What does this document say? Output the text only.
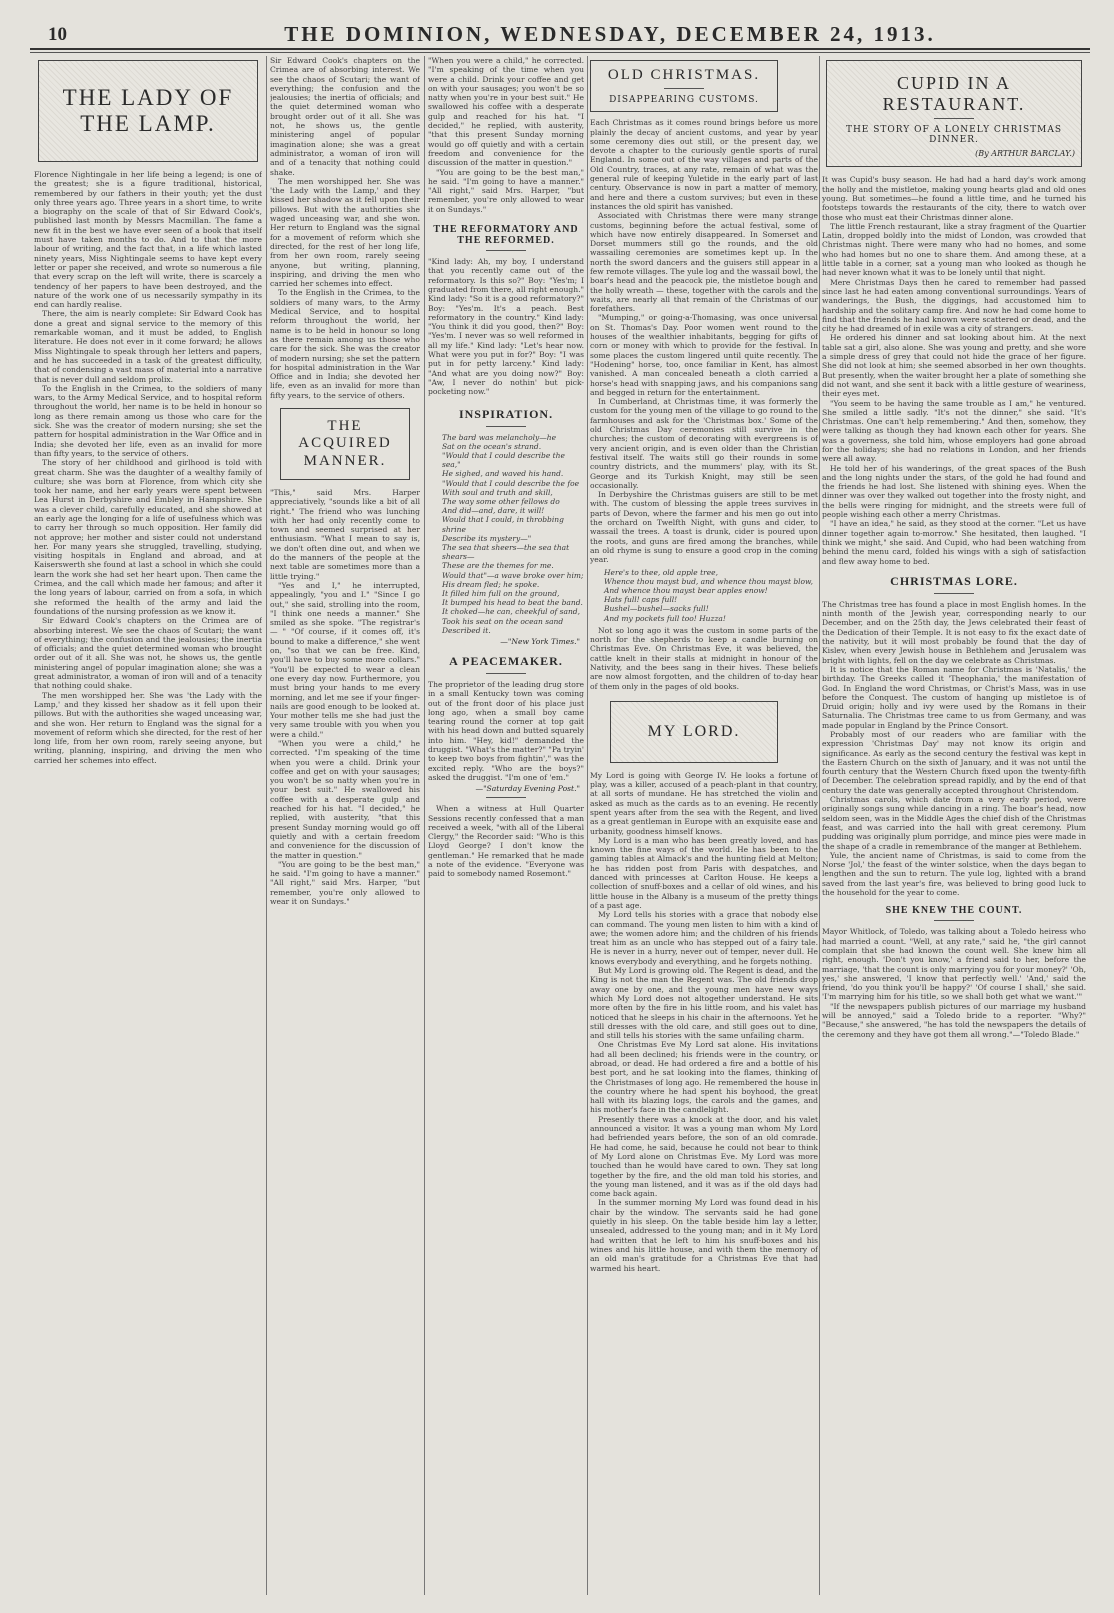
10	THE DOMINION, WEDNESDAY, DECEMBER 24, 1913.
THE LADY OF THE LAMP.

Florence Nightingale in her life being a legend; is one of the greatest; she is a figure traditional, historical, remembered by our fathers in their youth; yet the dust only three years ago. Three years in a short time, to write a biography on the scale of that of Sir Edward Cook's, published last month by Messrs Macmillan. The fame a new fit in the best we have ever seen of a book that itself must have taken months to do. And to that the more labour of writing, and the fact that, in a life which lasted ninety years, Miss Nightingale seems to have kept every letter or paper she received, and wrote so numerous a file that every scrap on the left will write, there is scarcely a tendency of her papers to have been destroyed, and the nature of the work one of us necessarily sympathy in its end can hardly realise.

There, the aim is nearly complete: Sir Edward Cook has done a great and signal service to the memory of this remarkable woman, and it must be added, to English literature. He does not ever in it come forward; he allows Miss Nightingale to speak through her letters and papers, and he has succeeded in a task of the greatest difficulty, that of condensing a vast mass of material into a narrative that is never dull and seldom prolix.

To the English in the Crimea, to the soldiers of many wars, to the Army Medical Service, and to hospital reform throughout the world, her name is to be held in honour so long as there remain among us those who care for the sick. She was the creator of modern nursing; she set the pattern for hospital administration in the War Office and in India; she devoted her life, even as an invalid for more than fifty years, to the service of others.

The story of her childhood and girlhood is told with great charm. She was the daughter of a wealthy family of culture; she was born at Florence, from which city she took her name, and her early years were spent between Lea Hurst in Derbyshire and Embley in Hampshire. She was a clever child, carefully educated, and she showed at an early age the longing for a life of usefulness which was to carry her through so much opposition. Her family did not approve; her mother and sister could not understand her. For many years she struggled, travelling, studying, visiting hospitals in England and abroad, and at Kaiserswerth she found at last a school in which she could learn the work she had set her heart upon. Then came the Crimea, and the call which made her famous; and after it the long years of labour, carried on from a sofa, in which she reformed the health of the army and laid the foundations of the nursing profession as we know it.

Sir Edward Cook's chapters on the Crimea are of absorbing interest. We see the chaos of Scutari; the want of everything; the confusion and the jealousies; the inertia of officials; and the quiet determined woman who brought order out of it all. She was not, he shows us, the gentle ministering angel of popular imagination alone; she was a great administrator, a woman of iron will and of a tenacity that nothing could shake.

The men worshipped her. She was 'the Lady with the Lamp,' and they kissed her shadow as it fell upon their pillows. But with the authorities she waged unceasing war, and she won. Her return to England was the signal for a movement of reform which she directed, for the rest of her long life, from her own room, rarely seeing anyone, but writing, planning, inspiring, and driving the men who carried her schemes into effect.

Sir Edward Cook's chapters on the Crimea are of absorbing interest. We see the chaos of Scutari; the want of everything; the confusion and the jealousies; the inertia of officials; and the quiet determined woman who brought order out of it all. She was not, he shows us, the gentle ministering angel of popular imagination alone; she was a great administrator, a woman of iron will and of a tenacity that nothing could shake.

The men worshipped her. She was 'the Lady with the Lamp,' and they kissed her shadow as it fell upon their pillows. But with the authorities she waged unceasing war, and she won. Her return to England was the signal for a movement of reform which she directed, for the rest of her long life, from her own room, rarely seeing anyone, but writing, planning, inspiring, and driving the men who carried her schemes into effect.

To the English in the Crimea, to the soldiers of many wars, to the Army Medical Service, and to hospital reform throughout the world, her name is to be held in honour so long as there remain among us those who care for the sick. She was the creator of modern nursing; she set the pattern for hospital administration in the War Office and in India; she devoted her life, even as an invalid for more than fifty years, to the service of others.

THE ACQUIRED MANNER.

"This," said Mrs. Harper appreciatively, "sounds like a bit of all right." The friend who was lunching with her had only recently come to town and seemed surprised at her enthusiasm. "What I mean to say is, we don't often dine out, and when we do the manners of the people at the next table are sometimes more than a little trying."

"Yes and I," he interrupted, appealingly, "you and I." "Since I go out," she said, strolling into the room, "I think one needs a manner." She smiled as she spoke. "The registrar's — " "Of course, if it comes off, it's bound to make a difference," she went on, "so that we can be free. Kind, you'll have to buy some more collars." "You'll be expected to wear a clean one every day now. Furthermore, you must bring your hands to me every morning, and let me see if your finger-nails are good enough to be looked at. Your mother tells me she had just the very same trouble with you when you were a child."

"When you were a child," he corrected. "I'm speaking of the time when you were a child. Drink your coffee and get on with your sausages; you won't be so natty when you're in your best suit." He swallowed his coffee with a desperate gulp and reached for his hat. "I decided," he replied, with austerity, "that this present Sunday morning would go off quietly and with a certain freedom and convenience for the discussion of the matter in question."

"You are going to be the best man," he said. "I'm going to have a manner." "All right," said Mrs. Harper, "but remember, you're only allowed to wear it on Sundays."

"When you were a child," he corrected. "I'm speaking of the time when you were a child. Drink your coffee and get on with your sausages; you won't be so natty when you're in your best suit." He swallowed his coffee with a desperate gulp and reached for his hat. "I decided," he replied, with austerity, "that this present Sunday morning would go off quietly and with a certain freedom and convenience for the discussion of the matter in question."

"You are going to be the best man," he said. "I'm going to have a manner." "All right," said Mrs. Harper, "but remember, you're only allowed to wear it on Sundays."

THE REFORMATORY AND THE REFORMED.

"Kind lady: Ah, my boy, I understand that you recently came out of the reformatory. Is this so?" Boy: "Yes'm; I graduated from there, all right enough." Kind lady: "So it is a good reformatory?" Boy: "Yes'm. It's a peach. Best reformatory in the country." Kind lady: "You think it did you good, then?" Boy: "Yes'm. I never was so well reformed in all my life." Kind lady: "Let's hear now. What were you put in for?" Boy: "I was put in for petty larceny." Kind lady: "And what are you doing now?" Boy: "Aw, I never do nothin' but pick-pocketing now."

INSPIRATION.
The bard was melancholy—he
Sat on the ocean's strand.
"Would that I could describe the sea,"
He sighed, and waved his hand.
"Would that I could describe the foe
With soul and truth and skill,
The way some other fellows do
And did—and, dare, it will!
Would that I could, in throbbing
shrine
Describe its mystery—"
The sea that sheers—the sea that shears—
These are the themes for me.
Would that"—a wave broke over him;
His dream fled; he spoke.
It filled him full on the ground,
It bumped his head to beat the band.
It choked—he can, cheekful of sand,
Took his seat on the ocean sand
Described it.
—"New York Times."
A PEACEMAKER.

The proprietor of the leading drug store in a small Kentucky town was coming out of the front door of his place just long ago, when a small boy came tearing round the corner at top gait with his head down and butted squarely into him. "Hey, kid!" demanded the druggist. "What's the matter?" "Pa tryin' to keep two boys from fightin'," was the excited reply. "Who are the boys?" asked the druggist. "I'm one of 'em."

—"Saturday Evening Post."

When a witness at Hull Quarter Sessions recently confessed that a man received a week, "with all of the Liberal Clergy," the Recorder said: "Who is this Lloyd George? I don't know the gentleman." He remarked that he made a note of the evidence. "Everyone was paid to somebody named Rosemont."

OLD CHRISTMAS.
DISAPPEARING CUSTOMS.

Each Christmas as it comes round brings before us more plainly the decay of ancient customs, and year by year some ceremony dies out still, or the present day, we devote a chapter to the curiously gentle sports of rural England. In some out of the way villages and parts of the Old Country, traces, at any rate, remain of what was the general rule of keeping Yuletide in the early part of last century. Observance is now in part a matter of memory, and here and there a custom survives; but even in these instances the old spirit has vanished.

Associated with Christmas there were many strange customs, beginning before the actual festival, some of which have now entirely disappeared. In Somerset and Dorset mummers still go the rounds, and the old wassailing ceremonies are sometimes kept up. In the north the sword dancers and the guisers still appear in a few remote villages. The yule log and the wassail bowl, the boar's head and the peacock pie, the mistletoe bough and the holly wreath — these, together with the carols and the waits, are nearly all that remain of the Christmas of our forefathers.

"Mumping," or going-a-Thomasing, was once universal on St. Thomas's Day. Poor women went round to the houses of the wealthier inhabitants, begging for gifts of corn or money with which to provide for the festival. In some places the custom lingered until quite recently. The "Hodening" horse, too, once familiar in Kent, has almost vanished. A man concealed beneath a cloth carried a horse's head with snapping jaws, and his companions sang and begged in return for the entertainment.

In Cumberland, at Christmas time, it was formerly the custom for the young men of the village to go round to the farmhouses and ask for the 'Christmas box.' Some of the old Christmas Day ceremonies still survive in the churches; the custom of decorating with evergreens is of very ancient origin, and is even older than the Christian festival itself. The waits still go their rounds in some country districts, and the mummers' play, with its St. George and its Turkish Knight, may still be seen occasionally.

In Derbyshire the Christmas guisers are still to be met with. The custom of blessing the apple trees survives in parts of Devon, where the farmer and his men go out into the orchard on Twelfth Night, with guns and cider, to wassail the trees. A toast is drunk, cider is poured upon the roots, and guns are fired among the branches, while an old rhyme is sung to ensure a good crop in the coming year.

Here's to thee, old apple tree,
Whence thou mayst bud, and whence thou mayst blow,
And whence thou mayst bear apples enow!
Hats full! caps full!
Bushel—bushel—sacks full!
And my pockets full too! Huzza!

Not so long ago it was the custom in some parts of the north for the shepherds to keep a candle burning on Christmas Eve. On Christmas Eve, it was believed, the cattle knelt in their stalls at midnight in honour of the Nativity, and the bees sang in their hives. These beliefs are now almost forgotten, and the children of to-day hear of them only in the pages of old books.

MY LORD.

My Lord is going with George IV. He looks a fortune of play, was a killer, accused of a peach-plant in that country, at all sorts of mundane. He has stretched the violin and asked as much as the cards as to an evening. He recently spent years after from the sea with the Regent, and lived as a great gentleman in Europe with an exquisite ease and urbanity, goodness himself knows.

My Lord is a man who has been greatly loved, and has known the fine ways of the world. He has been to the gaming tables at Almack's and the hunting field at Melton; he has ridden post from Paris with despatches, and danced with princesses at Carlton House. He keeps a collection of snuff-boxes and a cellar of old wines, and his little house in the Albany is a museum of the pretty things of a past age.

My Lord tells his stories with a grace that nobody else can command. The young men listen to him with a kind of awe; the women adore him; and the children of his friends treat him as an uncle who has stepped out of a fairy tale. He is never in a hurry, never out of temper, never dull. He knows everybody and everything, and he forgets nothing.

But My Lord is growing old. The Regent is dead, and the King is not the man the Regent was. The old friends drop away one by one, and the young men have new ways which My Lord does not altogether understand. He sits more often by the fire in his little room, and his valet has noticed that he sleeps in his chair in the afternoons. Yet he still dresses with the old care, and still goes out to dine, and still tells his stories with the same unfailing charm.

One Christmas Eve My Lord sat alone. His invitations had all been declined; his friends were in the country, or abroad, or dead. He had ordered a fire and a bottle of his best port, and he sat looking into the flames, thinking of the Christmases of long ago. He remembered the house in the country where he had spent his boyhood, the great hall with its blazing logs, the carols and the games, and his mother's face in the candlelight.

Presently there was a knock at the door, and his valet announced a visitor. It was a young man whom My Lord had befriended years before, the son of an old comrade. He had come, he said, because he could not bear to think of My Lord alone on Christmas Eve. My Lord was more touched than he would have cared to own. They sat long together by the fire, and the old man told his stories, and the young man listened, and it was as if the old days had come back again.

In the summer morning My Lord was found dead in his chair by the window. The servants said he had gone quietly in his sleep. On the table beside him lay a letter, unsealed, addressed to the young man; and in it My Lord had written that he left to him his snuff-boxes and his wines and his little house, and with them the memory of an old man's gratitude for a Christmas Eve that had warmed his heart.

CUPID IN A RESTAURANT.
THE STORY OF A LONELY CHRISTMAS DINNER.
(By ARTHUR BARCLAY.)

It was Cupid's busy season. He had had a hard day's work among the holly and the mistletoe, making young hearts glad and old ones young. But sometimes—he found a little time, and he turned his footsteps towards the restaurants of the city, there to watch over those who must eat their Christmas dinner alone.

The little French restaurant, like a stray fragment of the Quartier Latin, dropped boldly into the midst of London, was crowded that Christmas night. There were many who had no homes, and some who had homes but no one to share them. And among these, at a little table in a corner, sat a young man who looked as though he had never known what it was to be lonely until that night.

Mere Christmas Days then he cared to remember had passed since last he had eaten among conventional surroundings. Years of wanderings, the Bush, the diggings, had accustomed him to hardship and the solitary camp fire. And now he had come home to find that the friends he had known were scattered or dead, and the city he had dreamed of in exile was a city of strangers.

He ordered his dinner and sat looking about him. At the next table sat a girl, also alone. She was young and pretty, and she wore a simple dress of grey that could not hide the grace of her figure. She did not look at him; she seemed absorbed in her own thoughts. But presently, when the waiter brought her a plate of something she did not want, and she sent it back with a little gesture of weariness, their eyes met.

"You seem to be having the same trouble as I am," he ventured. She smiled a little sadly. "It's not the dinner," she said. "It's Christmas. One can't help remembering." And then, somehow, they were talking as though they had known each other for years. She was a governess, she told him, whose employers had gone abroad for the holidays; she had no relations in London, and her friends were all away.

He told her of his wanderings, of the great spaces of the Bush and the long nights under the stars, of the gold he had found and the friends he had lost. She listened with shining eyes. When the dinner was over they walked out together into the frosty night, and the bells were ringing for midnight, and the streets were full of people wishing each other a merry Christmas.

"I have an idea," he said, as they stood at the corner. "Let us have dinner together again to-morrow." She hesitated, then laughed. "I think we might," she said. And Cupid, who had been watching from behind the menu card, folded his wings with a sigh of satisfaction and flew away home to bed.

CHRISTMAS LORE.

The Christmas tree has found a place in most English homes. In the ninth month of the Jewish year, corresponding nearly to our December, and on the 25th day, the Jews celebrated their feast of the Dedication of their Temple. It is not easy to fix the exact date of the nativity, but it will most probably be found that the day of Kislev, when every Jewish house in Bethlehem and Jerusalem was bright with lights, fell on the day we celebrate as Christmas.

It is notice that the Roman name for Christmas is 'Natalis,' the birthday. The Greeks called it 'Theophania,' the manifestation of God. In England the word Christmas, or Christ's Mass, was in use before the Conquest. The custom of hanging up mistletoe is of Druid origin; holly and ivy were used by the Romans in their Saturnalia. The Christmas tree came to us from Germany, and was made popular in England by the Prince Consort.

Probably most of our readers who are familiar with the expression 'Christmas Day' may not know its origin and significance. As early as the second century the festival was kept in the Eastern Church on the sixth of January, and it was not until the fourth century that the Western Church fixed upon the twenty-fifth of December. The celebration spread rapidly, and by the end of that century the date was generally accepted throughout Christendom.

Christmas carols, which date from a very early period, were originally songs sung while dancing in a ring. The boar's head, now seldom seen, was in the Middle Ages the chief dish of the Christmas feast, and was carried into the hall with great ceremony. Plum pudding was originally plum porridge, and mince pies were made in the shape of a cradle in remembrance of the manger at Bethlehem.

Yule, the ancient name of Christmas, is said to come from the Norse 'Jol,' the feast of the winter solstice, when the days began to lengthen and the sun to return. The yule log, lighted with a brand saved from the last year's fire, was believed to bring good luck to the household for the year to come.

SHE KNEW THE COUNT.

Mayor Whitlock, of Toledo, was talking about a Toledo heiress who had married a count. "Well, at any rate," said he, "the girl cannot complain that she had known the count well. She knew him all right, enough. 'Don't you know,' a friend said to her, before the marriage, 'that the count is only marrying you for your money?' 'Oh, yes,' she answered, 'I know that perfectly well.' 'And,' said the friend, 'do you think you'll be happy?' 'Of course I shall,' she said. 'I'm marrying him for his title, so we shall both get what we want.'"

"If the newspapers publish pictures of our marriage my husband will be annoyed," said a Toledo bride to a reporter. "Why?" "Because," she answered, "he has told the newspapers the details of the ceremony and they have got them all wrong."—"Toledo Blade."
